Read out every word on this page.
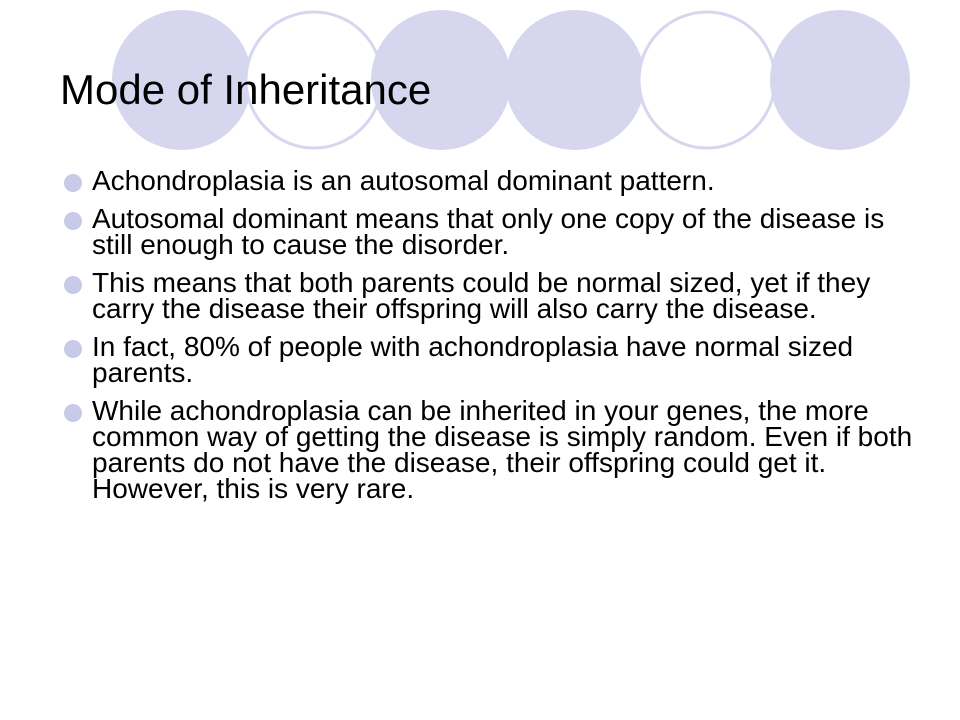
Mode of Inheritance
Achondroplasia is an autosomal dominant pattern.
Autosomal dominant means that only one copy of the disease is still enough to cause the disorder.
This means that both parents could be normal sized, yet if they carry the disease their offspring will also carry the disease.
In fact, 80% of people with achondroplasia have normal sized parents.
While achondroplasia can be inherited in your genes, the more common way of getting the disease is simply random. Even if both parents do not have the disease, their offspring could get it. However, this is very rare.
